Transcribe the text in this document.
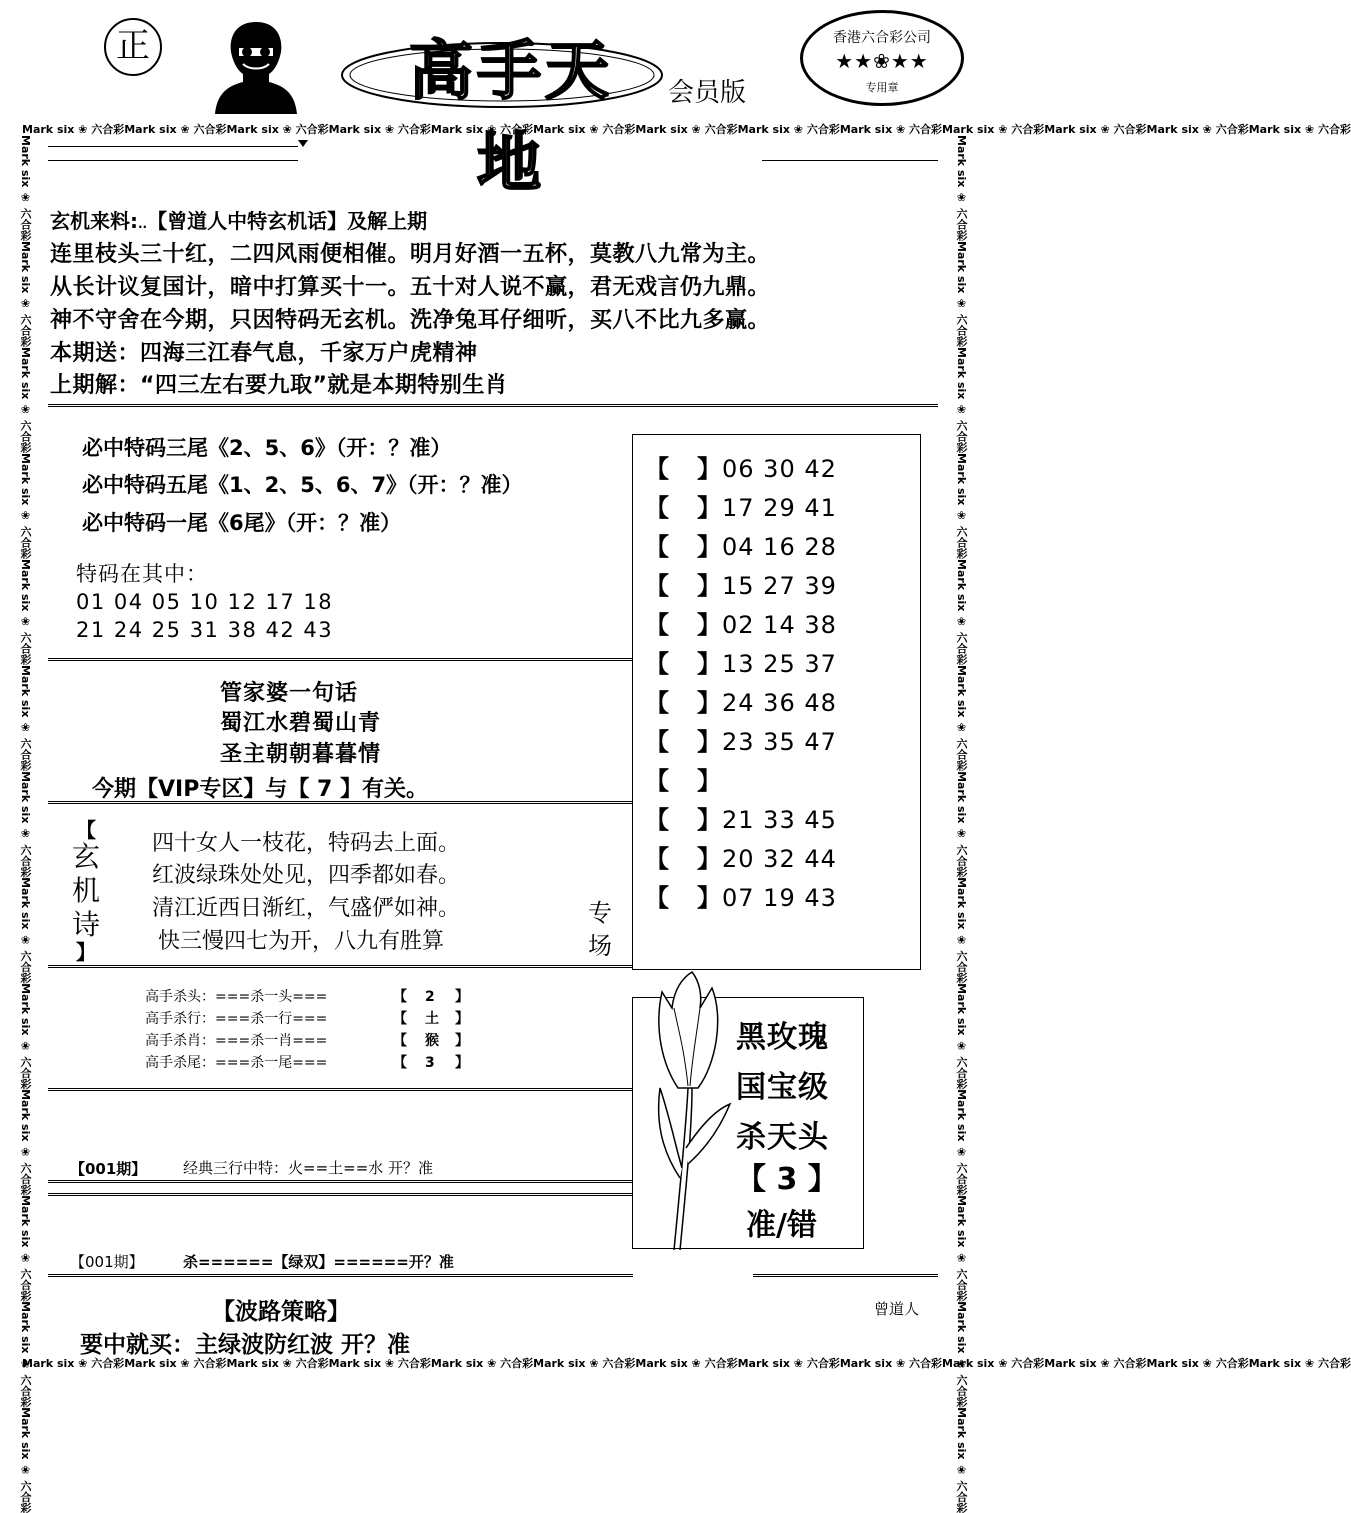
正	高手天地
会员版
香港六合彩公司
★★❀★★
专用章
Mark six ❀ 六合彩Mark six ❀ 六合彩Mark six ❀ 六合彩Mark six ❀ 六合彩Mark six ❀ 六合彩Mark six ❀ 六合彩Mark six ❀ 六合彩Mark six ❀ 六合彩Mark six ❀ 六合彩Mark six ❀ 六合彩Mark six ❀ 六合彩Mark six ❀ 六合彩Mark six ❀ 六合彩
Mark six ❀ 六合彩Mark six ❀ 六合彩Mark six ❀ 六合彩Mark six ❀ 六合彩Mark six ❀ 六合彩Mark six ❀ 六合彩Mark six ❀ 六合彩Mark six ❀ 六合彩Mark six ❀ 六合彩Mark six ❀ 六合彩Mark six ❀ 六合彩Mark six ❀ 六合彩Mark six ❀ 六合彩
Mark six ❀ 六合彩Mark six ❀ 六合彩Mark six ❀ 六合彩Mark six ❀ 六合彩Mark six ❀ 六合彩Mark six ❀ 六合彩Mark six ❀ 六合彩Mark six ❀ 六合彩Mark six ❀ 六合彩Mark six ❀ 六合彩Mark six ❀ 六合彩Mark six ❀ 六合彩Mark six ❀ 六合彩	Mark six ❀ 六合彩Mark six ❀ 六合彩Mark six ❀ 六合彩Mark six ❀ 六合彩Mark six ❀ 六合彩Mark six ❀ 六合彩Mark six ❀ 六合彩Mark six ❀ 六合彩Mark six ❀ 六合彩Mark six ❀ 六合彩Mark six ❀ 六合彩Mark six ❀ 六合彩Mark six ❀ 六合彩
玄机来料:..【曾道人中特玄机话】及解上期
连里枝头三十红，二四风雨便相催。明月好酒一五杯，莫教八九常为主。
从长计议复国计，暗中打算买十一。五十对人说不赢，君无戏言仍九鼎。
神不守舍在今期，只因特码无玄机。洗净兔耳仔细听，买八不比九多赢。
本期送：四海三江春气息，千家万户虎精神
上期解：“四三左右要九取”就是本期特别生肖
必中特码三尾《2、5、6》（开：？准）
必中特码五尾《1、2、5、6、7》（开：？准）
必中特码一尾《6尾》（开：？准）
特码在其中：
01 04 05 10 12 17 18
21 24 25 31 38 42 43
管家婆一句话
蜀江水碧蜀山青
圣主朝朝暮暮情
今期【VIP专区】与【 7 】有关。
【
玄
机
诗
】
四十女人一枝花，特码去上面。
红波绿珠处处见，四季都如春。
清江近西日渐红，气盛俨如神。
快三慢四七为开，八九有胜算
专
场
【 】 06 30 42
【 】 17 29 41
【 】 04 16 28
【 】 15 27 39
【 】 02 14 38
【 】 13 25 37
【 】 24 36 48
【 】 23 35 47
【 】
【 】 21 33 45
【 】 20 32 44
【 】 07 19 43
高手杀头：===杀一头===	【 2 】
高手杀行：===杀一行===	【 土 】
高手杀肖：===杀一肖===	【 猴 】
高手杀尾：===杀一尾===	【 3 】
黑玫瑰
国宝级
杀天头
【 3 】
准/错
【001期】 经典三行中特：火==土==水 开？准
【001期】	杀======【绿双】======开？准
【波路策略】
要中就买：主绿波防红波 开？准
曾道人
